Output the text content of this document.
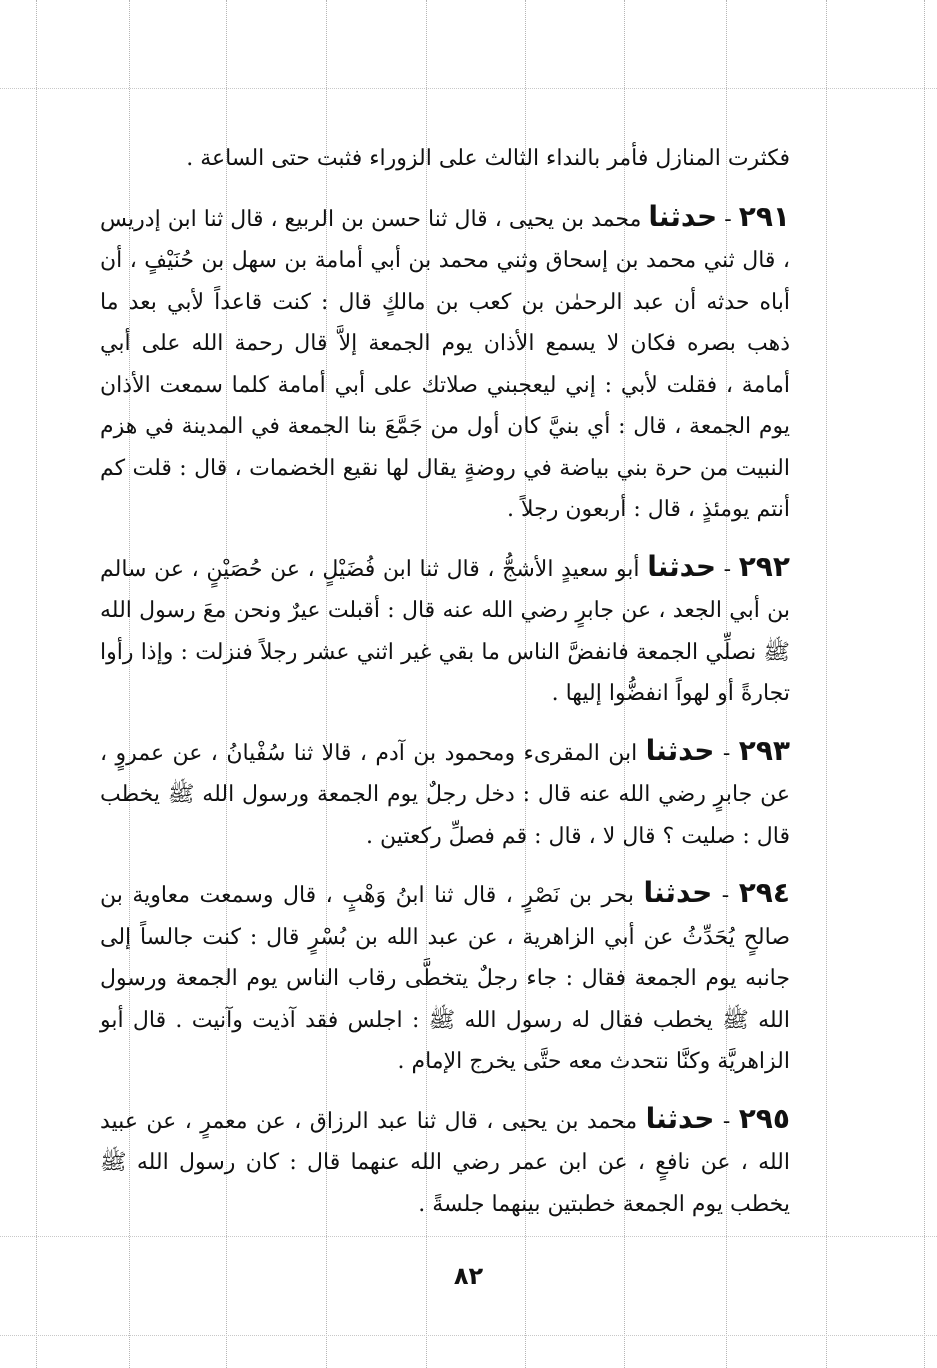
فكثرت المنازل فأمر بالنداء الثالث على الزوراء فثبت حتى الساعة .

٢٩١ - حدثنا محمد بن يحيى ، قال ثنا حسن بن الربيع ، قال ثنا ابن إدريس ، قال ثني محمد بن إسحاق وثني محمد بن أبي أمامة بن سهل بن حُنَيْفٍ ، أن أباه حدثه أن عبد الرحمٰن بن كعب بن مالكٍ قال : كنت قاعداً لأبي بعد ما ذهب بصره فكان لا يسمع الأذان يوم الجمعة إلاَّ قال رحمة الله على أبي أمامة ، فقلت لأبي : إني ليعجبني صلاتك على أبي أمامة كلما سمعت الأذان يوم الجمعة ، قال : أي بنيَّ كان أول من جَمَّعَ بنا الجمعة في المدينة في هزم النبيت من حرة بني بياضة في روضةٍ يقال لها نقيع الخضمات ، قال : قلت كم أنتم يومئذٍ ، قال : أربعون رجلاً .

٢٩٢ - حدثنا أبو سعيدٍ الأشجُّ ، قال ثنا ابن فُضَيْلٍ ، عن حُصَيْنٍ ، عن سالم بن أبي الجعد ، عن جابرٍ رضي الله عنه قال : أقبلت عيرٌ ونحن معَ رسول الله ﷺ نصلِّي الجمعة فانفضَّ الناس ما بقي غير اثني عشر رجلاً فنزلت : وإذا رأوا تجارةً أو لهواً انفضُّوا إليها .

٢٩٣ - حدثنا ابن المقرىء ومحمود بن آدم ، قالا ثنا سُفْيانُ ، عن عمروٍ ، عن جابرٍ رضي الله عنه قال : دخل رجلٌ يوم الجمعة ورسول الله ﷺ يخطب قال : صليت ؟ قال لا ، قال : قم فصلِّ ركعتين .

٢٩٤ - حدثنا بحر بن نَصْرٍ ، قال ثنا ابنُ وَهْبٍ ، قال وسمعت معاوية بن صالحٍ يُحَدِّثُ عن أبي الزاهرية ، عن عبد الله بن بُسْرٍ قال : كنت جالساً إلى جانبه يوم الجمعة فقال : جاء رجلٌ يتخطَّى رقاب الناس يوم الجمعة ورسول الله ﷺ يخطب فقال له رسول الله ﷺ : اجلس فقد آذيت وآنيت . قال أبو الزاهريَّة وكنَّا نتحدث معه حتَّى يخرج الإمام .

٢٩٥ - حدثنا محمد بن يحيى ، قال ثنا عبد الرزاق ، عن معمرٍ ، عن عبيد الله ، عن نافعٍ ، عن ابن عمر رضي الله عنهما قال : كان رسول الله ﷺ يخطب يوم الجمعة خطبتين بينهما جلسةً .

٨٢
